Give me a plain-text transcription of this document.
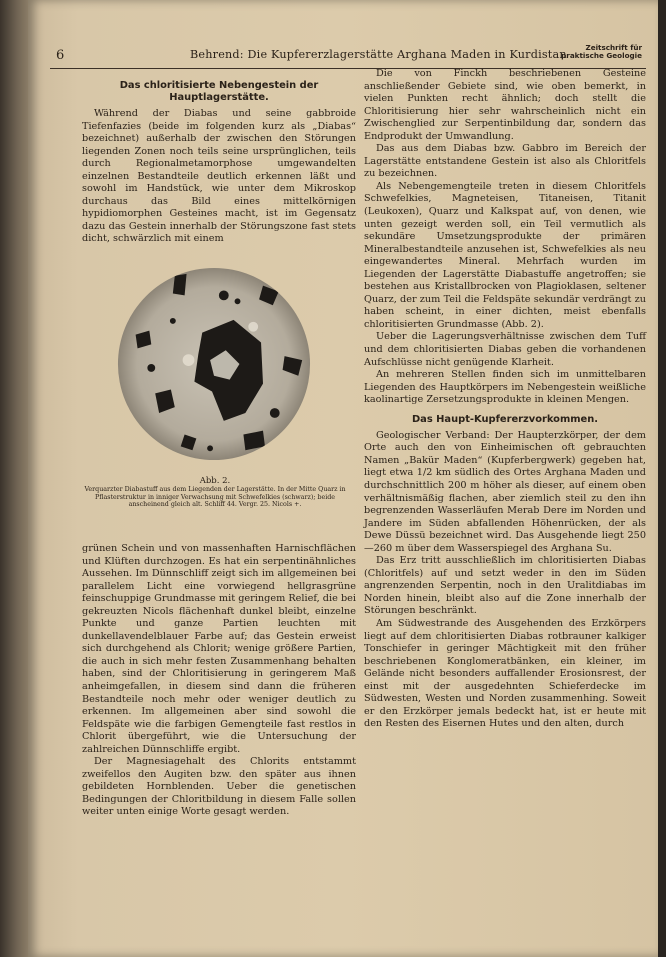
6	Behrend: Die Kupfererzlagerstätte Arghana Maden in Kurdistan
Zeitschrift für
praktische Geologie
Das chloritisierte Nebengestein der Hauptlagerstätte.

Während der Diabas und seine gabbroide Tiefenfazies (beide im folgenden kurz als „Diabas“ bezeichnet) außerhalb der zwischen den Störungen liegenden Zonen noch teils seine ursprünglichen, teils durch Regionalmetamorphose umgewandelten einzelnen Bestandteile deutlich erkennen läßt und sowohl im Handstück, wie unter dem Mikroskop durchaus das Bild eines mittelkörnigen hypidiomorphen Gesteines macht, ist im Gegensatz dazu das Gestein innerhalb der Störungszone fast stets dicht, schwärzlich mit einem

Abb. 2.
Verquarzter Diabastuff aus dem Liegenden der Lagerstätte. In der Mitte Quarz in Pflasterstruktur in inniger Verwachsung mit Schwefelkies (schwarz); beide anscheinend gleich alt. Schliff 44. Vergr. 25. Nicols +.

grünen Schein und von massenhaften Harnischflächen und Klüften durchzogen. Es hat ein serpentinähnliches Aussehen. Im Dünnschliff zeigt sich im allgemeinen bei parallelem Licht eine vorwiegend hellgrasgrüne feinschuppige Grundmasse mit geringem Relief, die bei gekreuzten Nicols flächenhaft dunkel bleibt, einzelne Punkte und ganze Partien leuchten mit dunkellavendelblauer Farbe auf; das Gestein erweist sich durchgehend als Chlorit; wenige größere Partien, die auch in sich mehr festen Zusammenhang behalten haben, sind der Chloritisierung in geringerem Maß anheimgefallen, in diesem sind dann die früheren Bestandteile noch mehr oder weniger deutlich zu erkennen. Im allgemeinen aber sind sowohl die Feldspäte wie die farbigen Gemengteile fast restlos in Chlorit übergeführt, wie die Untersuchung der zahlreichen Dünnschliffe ergibt.

Der Magnesiagehalt des Chlorits entstammt zweifellos den Augiten bzw. den später aus ihnen gebildeten Hornblenden. Ueber die genetischen Bedingungen der Chloritbildung in diesem Falle sollen weiter unten einige Worte gesagt werden.

Die von Finckh beschriebenen Gesteine anschließender Gebiete sind, wie oben bemerkt, in vielen Punkten recht ähnlich; doch stellt die Chloritisierung hier sehr wahrscheinlich nicht ein Zwischenglied zur Serpentinbildung dar, sondern das Endprodukt der Umwandlung.

Das aus dem Diabas bzw. Gabbro im Bereich der Lagerstätte entstandene Gestein ist also als Chloritfels zu bezeichnen.

Als Nebengemengteile treten in diesem Chloritfels Schwefelkies, Magneteisen, Titaneisen, Titanit (Leukoxen), Quarz und Kalkspat auf, von denen, wie unten gezeigt werden soll, ein Teil vermutlich als sekundäre Umsetzungsprodukte der primären Mineralbestandteile anzusehen ist, Schwefelkies als neu eingewandertes Mineral. Mehrfach wurden im Liegenden der Lagerstätte Diabastuffe angetroffen; sie bestehen aus Kristallbrocken von Plagioklasen, seltener Quarz, der zum Teil die Feldspäte sekundär verdrängt zu haben scheint, in einer dichten, meist ebenfalls chloritisierten Grundmasse (Abb. 2).

Ueber die Lagerungsverhältnisse zwischen dem Tuff und dem chloritisierten Diabas geben die vorhandenen Aufschlüsse nicht genügende Klarheit.

An mehreren Stellen finden sich im unmittelbaren Liegenden des Hauptkörpers im Nebengestein weißliche kaolinartige Zersetzungsprodukte in kleinen Mengen.

Das Haupt-Kupfererzvorkommen.

Geologischer Verband: Der Haupterzkörper, der dem Orte auch den von Einheimischen oft gebrauchten Namen „Bakür Maden“ (Kupferbergwerk) gegeben hat, liegt etwa 1/2 km südlich des Ortes Arghana Maden und durchschnittlich 200 m höher als dieser, auf einem oben verhältnismäßig flachen, aber ziemlich steil zu den ihn begrenzenden Wasserläufen Merab Dere im Norden und Jandere im Süden abfallenden Höhenrücken, der als Dewe Düssü bezeichnet wird. Das Ausgehende liegt 250—260 m über dem Wasserspiegel des Arghana Su.

Das Erz tritt ausschließlich im chloritisierten Diabas (Chloritfels) auf und setzt weder in den im Süden angrenzenden Serpentin, noch in den Uralitdiabas im Norden hinein, bleibt also auf die Zone innerhalb der Störungen beschränkt.

Am Südwestrande des Ausgehenden des Erzkörpers liegt auf dem chloritisierten Diabas rotbrauner kalkiger Tonschiefer in geringer Mächtigkeit mit den früher beschriebenen Konglomeratbänken, ein kleiner, im Gelände nicht besonders auffallender Erosionsrest, der einst mit der ausgedehnten Schieferdecke im Südwesten, Westen und Norden zusammenhing. Soweit er den Erzkörper jemals bedeckt hat, ist er heute mit den Resten des Eisernen Hutes und den alten, durch
